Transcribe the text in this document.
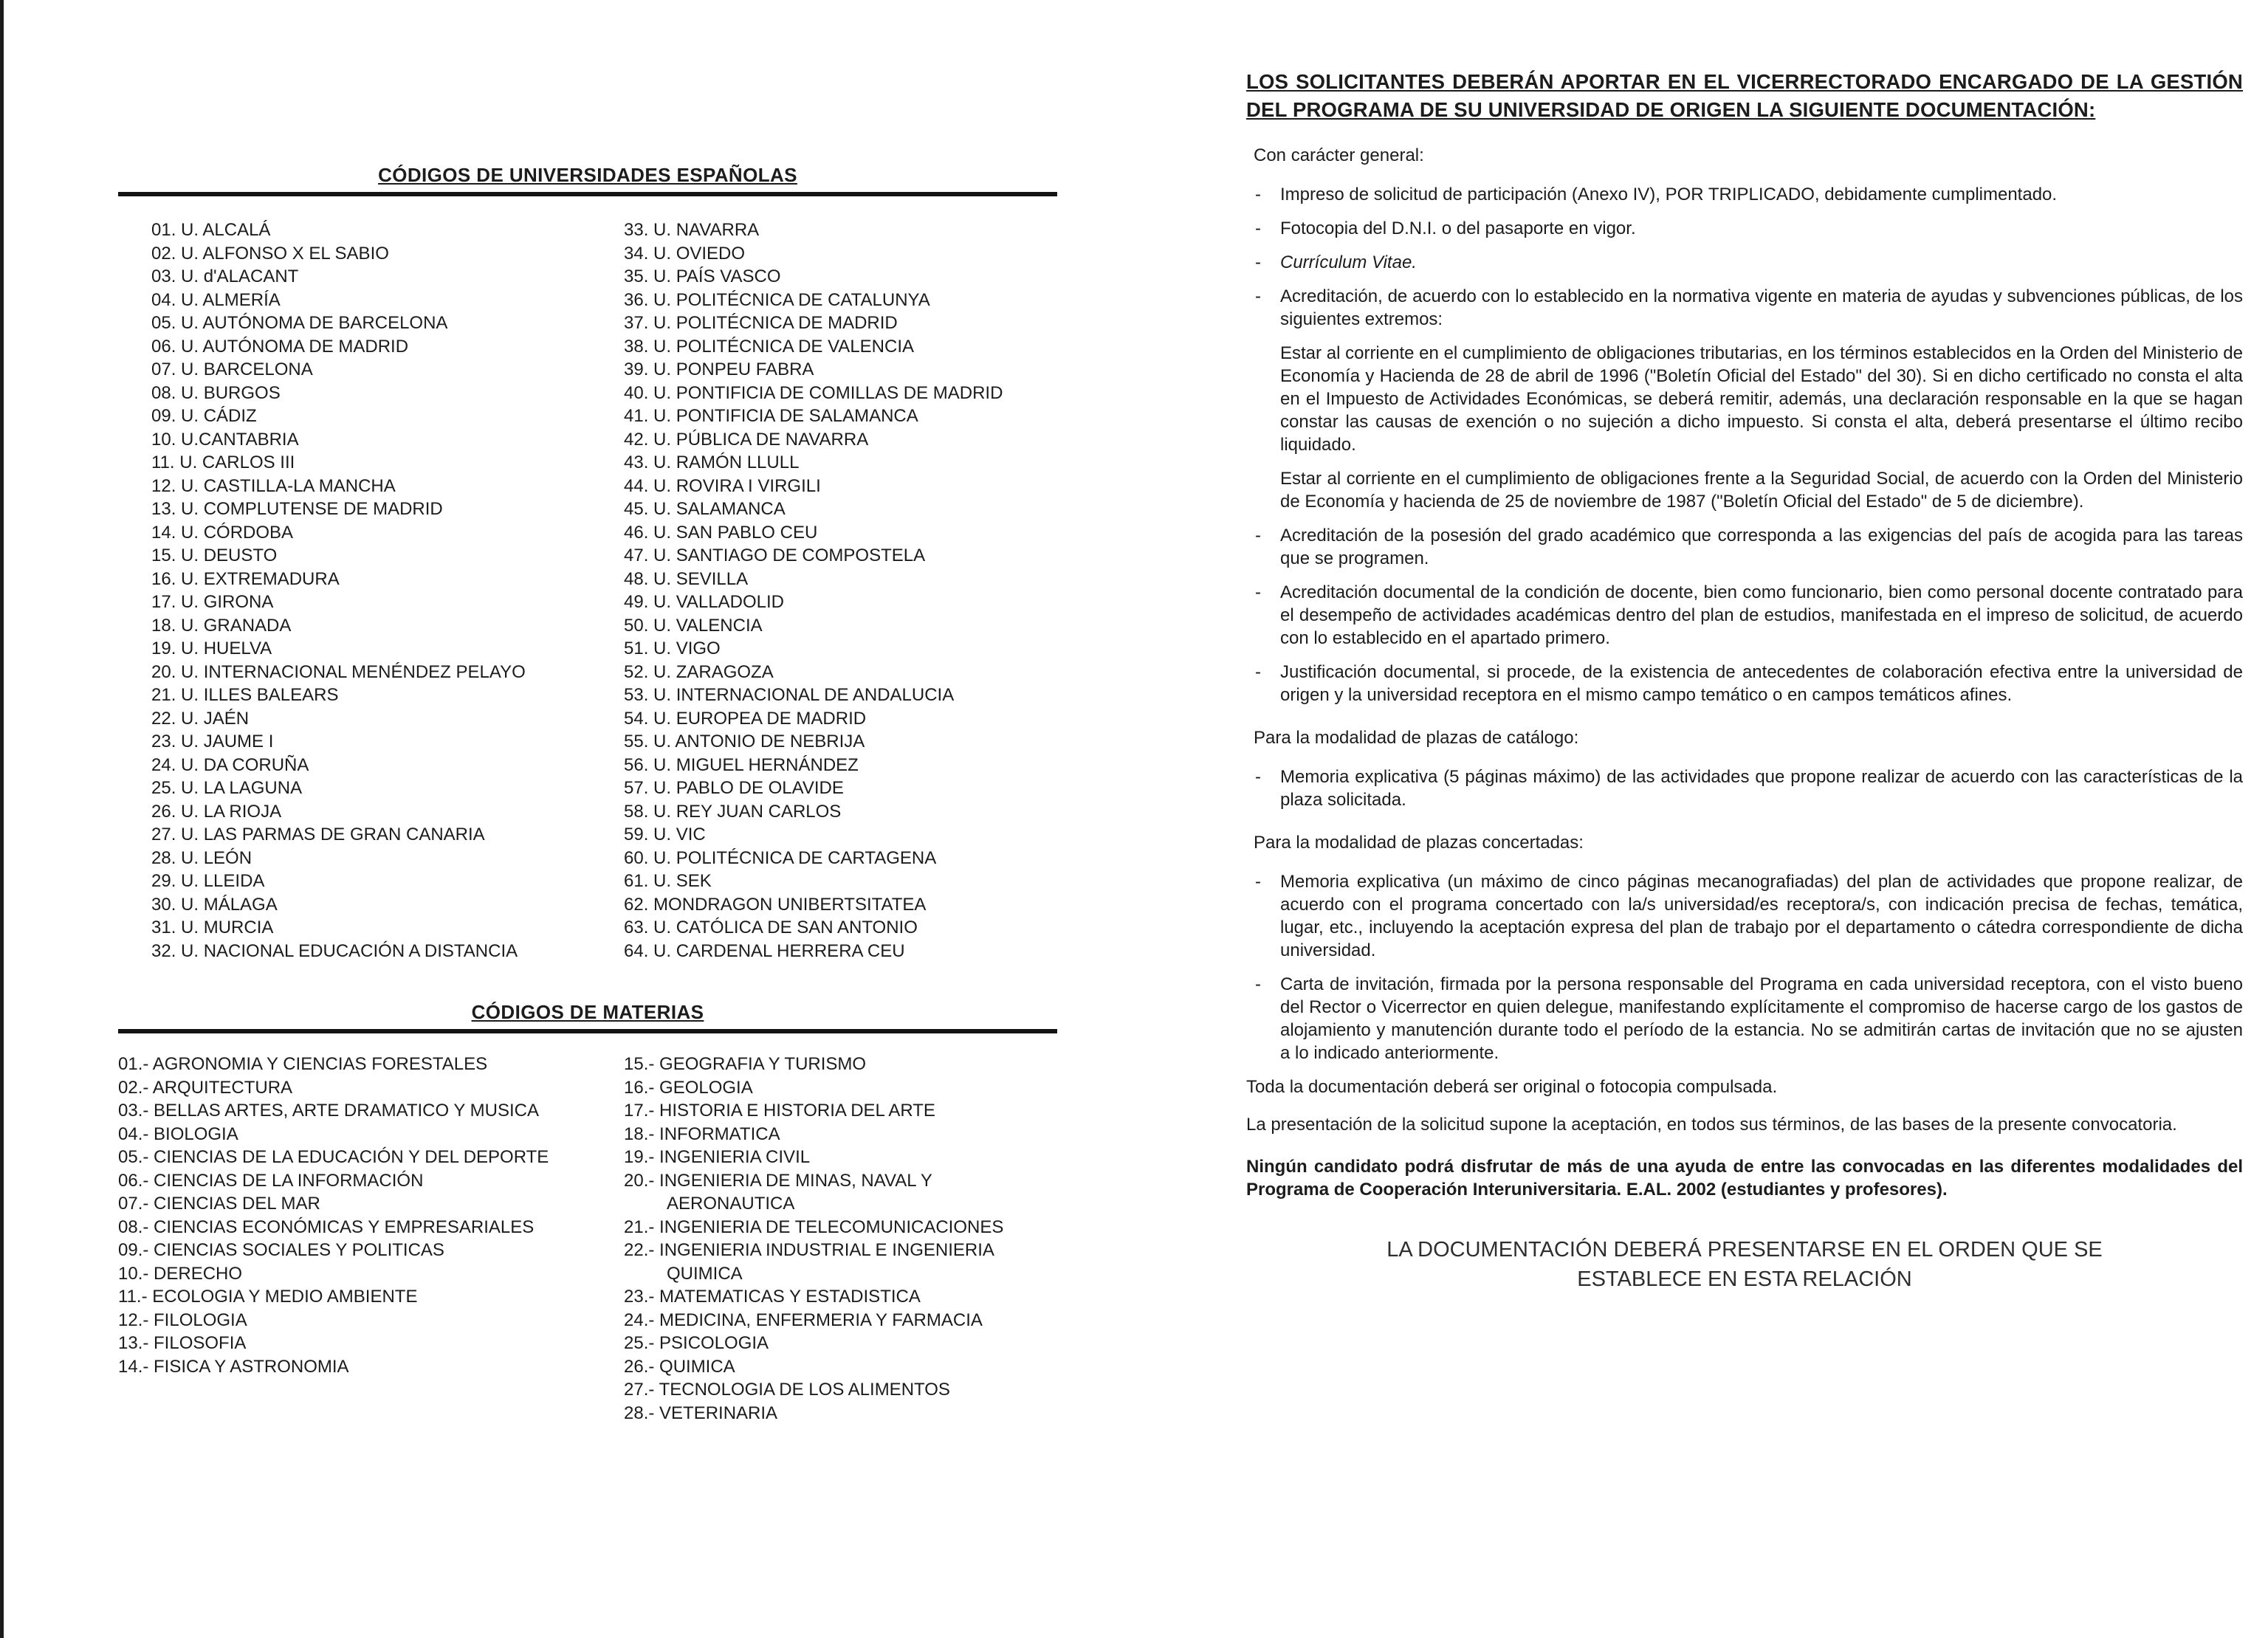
CÓDIGOS DE UNIVERSIDADES ESPAÑOLAS
01. U. ALCALÁ
02. U. ALFONSO X EL SABIO
03. U. d'ALACANT
04. U. ALMERÍA
05. U. AUTÓNOMA DE BARCELONA
06. U. AUTÓNOMA DE MADRID
07. U. BARCELONA
08. U. BURGOS
09. U. CÁDIZ
10. U.CANTABRIA
11. U. CARLOS III
12. U. CASTILLA-LA MANCHA
13. U. COMPLUTENSE DE MADRID
14. U. CÓRDOBA
15. U. DEUSTO
16. U. EXTREMADURA
17. U. GIRONA
18. U. GRANADA
19. U. HUELVA
20. U. INTERNACIONAL MENÉNDEZ PELAYO
21. U. ILLES BALEARS
22. U. JAÉN
23. U. JAUME I
24. U. DA CORUÑA
25. U. LA LAGUNA
26. U. LA RIOJA
27. U. LAS PARMAS DE GRAN CANARIA
28. U. LEÓN
29. U. LLEIDA
30. U. MÁLAGA
31. U. MURCIA
32. U. NACIONAL EDUCACIÓN A DISTANCIA
33. U. NAVARRA
34. U. OVIEDO
35. U. PAÍS VASCO
36. U. POLITÉCNICA DE CATALUNYA
37. U. POLITÉCNICA DE MADRID
38. U. POLITÉCNICA DE VALENCIA
39. U. PONPEU FABRA
40. U. PONTIFICIA DE COMILLAS DE MADRID
41. U. PONTIFICIA DE SALAMANCA
42. U. PÚBLICA DE NAVARRA
43. U. RAMÓN LLULL
44. U. ROVIRA I VIRGILI
45. U. SALAMANCA
46. U. SAN PABLO CEU
47. U. SANTIAGO DE COMPOSTELA
48. U. SEVILLA
49. U. VALLADOLID
50. U. VALENCIA
51. U. VIGO
52. U. ZARAGOZA
53. U. INTERNACIONAL DE ANDALUCIA
54. U. EUROPEA DE MADRID
55. U. ANTONIO DE NEBRIJA
56. U. MIGUEL HERNÁNDEZ
57. U. PABLO DE OLAVIDE
58. U. REY JUAN CARLOS
59. U. VIC
60. U. POLITÉCNICA DE CARTAGENA
61. U. SEK
62. MONDRAGON UNIBERTSITATEA
63. U. CATÓLICA DE SAN ANTONIO
64. U. CARDENAL HERRERA CEU
CÓDIGOS DE MATERIAS
01.- AGRONOMIA Y CIENCIAS FORESTALES
02.- ARQUITECTURA
03.- BELLAS ARTES, ARTE DRAMATICO Y MUSICA
04.- BIOLOGIA
05.- CIENCIAS DE LA EDUCACIÓN Y DEL DEPORTE
06.- CIENCIAS DE LA INFORMACIÓN
07.- CIENCIAS DEL MAR
08.- CIENCIAS ECONÓMICAS Y EMPRESARIALES
09.- CIENCIAS SOCIALES Y POLITICAS
10.- DERECHO
11.- ECOLOGIA Y MEDIO AMBIENTE
12.- FILOLOGIA
13.- FILOSOFIA
14.- FISICA Y ASTRONOMIA
15.- GEOGRAFIA Y TURISMO
16.- GEOLOGIA
17.- HISTORIA E HISTORIA DEL ARTE
18.- INFORMATICA
19.- INGENIERIA CIVIL
20.- INGENIERIA DE MINAS, NAVAL Y AERONAUTICA
21.- INGENIERIA DE TELECOMUNICACIONES
22.- INGENIERIA INDUSTRIAL E INGENIERIA QUIMICA
23.- MATEMATICAS Y ESTADISTICA
24.- MEDICINA, ENFERMERIA Y FARMACIA
25.- PSICOLOGIA
26.- QUIMICA
27.- TECNOLOGIA DE LOS ALIMENTOS
28.- VETERINARIA
LOS SOLICITANTES DEBERÁN APORTAR EN EL VICERRECTORADO ENCARGADO DE LA GESTIÓN DEL PROGRAMA DE SU UNIVERSIDAD DE ORIGEN LA SIGUIENTE DOCUMENTACIÓN:
Con carácter general:
-	Impreso de solicitud de participación (Anexo IV), POR TRIPLICADO, debidamente cumplimentado.
-	Fotocopia del D.N.I. o del pasaporte en vigor.
-	Currículum Vitae.
-	Acreditación, de acuerdo con lo establecido en la normativa vigente en materia de ayudas y subvenciones públicas, de los siguientes extremos:
Estar al corriente en el cumplimiento de obligaciones tributarias, en los términos establecidos en la Orden del Ministerio de Economía y Hacienda de 28 de abril de 1996 ("Boletín Oficial del Estado" del 30). Si en dicho certificado no consta el alta en el Impuesto de Actividades Económicas, se deberá remitir, además, una declaración responsable en la que se hagan constar las causas de exención o no sujeción a dicho impuesto. Si consta el alta, deberá presentarse el último recibo liquidado.
Estar al corriente en el cumplimiento de obligaciones frente a la Seguridad Social, de acuerdo con la Orden del Ministerio de Economía y hacienda de 25 de noviembre de 1987 ("Boletín Oficial del Estado" de 5 de diciembre).
-	Acreditación de la posesión del grado académico que corresponda a las exigencias del país de acogida para las tareas que se programen.
-	Acreditación documental de la condición de docente, bien como funcionario, bien como personal docente contratado para el desempeño de actividades académicas dentro del plan de estudios, manifestada en el impreso de solicitud, de acuerdo con lo establecido en el apartado primero.
-	Justificación documental, si procede, de la existencia de antecedentes de colaboración efectiva entre la universidad de origen y la universidad receptora en el mismo campo temático o en campos temáticos afines.
Para la modalidad de plazas de catálogo:
-	Memoria explicativa (5 páginas máximo) de las actividades que propone realizar de acuerdo con las características de la plaza solicitada.
Para la modalidad de plazas concertadas:
-	Memoria explicativa (un máximo de cinco páginas mecanografiadas) del plan de actividades que propone realizar, de acuerdo con el programa concertado con la/s universidad/es receptora/s, con indicación precisa de fechas, temática, lugar, etc., incluyendo la aceptación expresa del plan de trabajo por el departamento o cátedra correspondiente de dicha universidad.
-	Carta de invitación, firmada por la persona responsable del Programa en cada universidad receptora, con el visto bueno del Rector o Vicerrector en quien delegue, manifestando explícitamente el compromiso de hacerse cargo de los gastos de alojamiento y manutención durante todo el período de la estancia. No se admitirán cartas de invitación que no se ajusten a lo indicado anteriormente.
Toda la documentación deberá ser original o fotocopia compulsada.
La presentación de la solicitud supone la aceptación, en todos sus términos, de las bases de la presente convocatoria.
Ningún candidato podrá disfrutar de más de una ayuda de entre las convocadas en las diferentes modalidades del Programa de Cooperación Interuniversitaria. E.AL. 2002 (estudiantes y profesores).
LA DOCUMENTACIÓN DEBERÁ PRESENTARSE EN EL ORDEN QUE SE ESTABLECE EN ESTA RELACIÓN
